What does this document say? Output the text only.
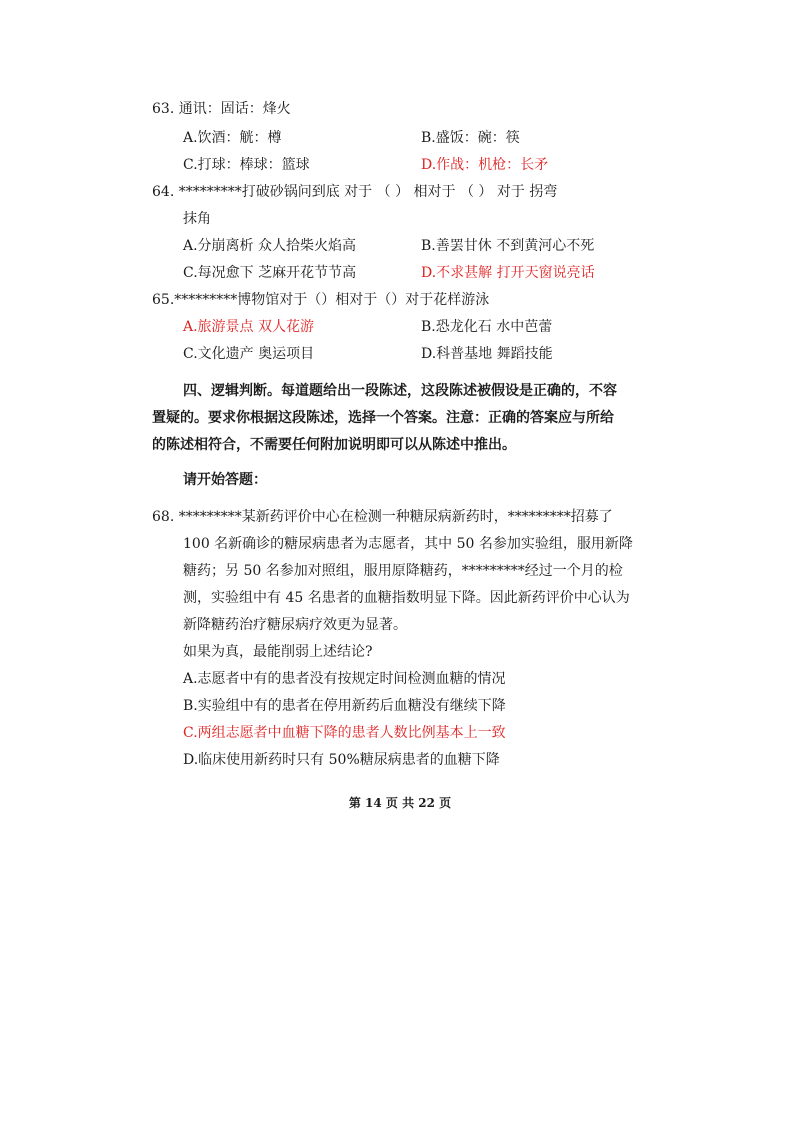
63. 通讯：固话：烽火
A.饮酒：觥：樽	B.盛饭：碗：筷
C.打球：棒球：篮球	D.作战：机枪：长矛
64. *********打破砂锅问到底 对于 （ ） 相对于 （ ） 对于 拐弯
抹角
A.分崩离析 众人拾柴火焰高	B.善罢甘休 不到黄河心不死
C.每况愈下 芝麻开花节节高	D.不求甚解 打开天窗说亮话
65.*********博物馆对于（）相对于（）对于花样游泳
A.旅游景点 双人花游	B.恐龙化石 水中芭蕾
C.文化遗产 奥运项目	D.科普基地 舞蹈技能
四、逻辑判断。每道题给出一段陈述，这段陈述被假设是正确的，不容
置疑的。要求你根据这段陈述，选择一个答案。注意：正确的答案应与所给
的陈述相符合，不需要任何附加说明即可以从陈述中推出。
请开始答题：
68. *********某新药评价中心在检测一种糖尿病新药时，*********招募了
100 名新确诊的糖尿病患者为志愿者，其中 50 名参加实验组，服用新降
糖药；另 50 名参加对照组，服用原降糖药，*********经过一个月的检
测，实验组中有 45 名患者的血糖指数明显下降。因此新药评价中心认为
新降糖药治疗糖尿病疗效更为显著。
如果为真，最能削弱上述结论?
A.志愿者中有的患者没有按规定时间检测血糖的情况
B.实验组中有的患者在停用新药后血糖没有继续下降
C.两组志愿者中血糖下降的患者人数比例基本上一致
D.临床使用新药时只有 50%糖尿病患者的血糖下降
第 14 页 共 22 页
